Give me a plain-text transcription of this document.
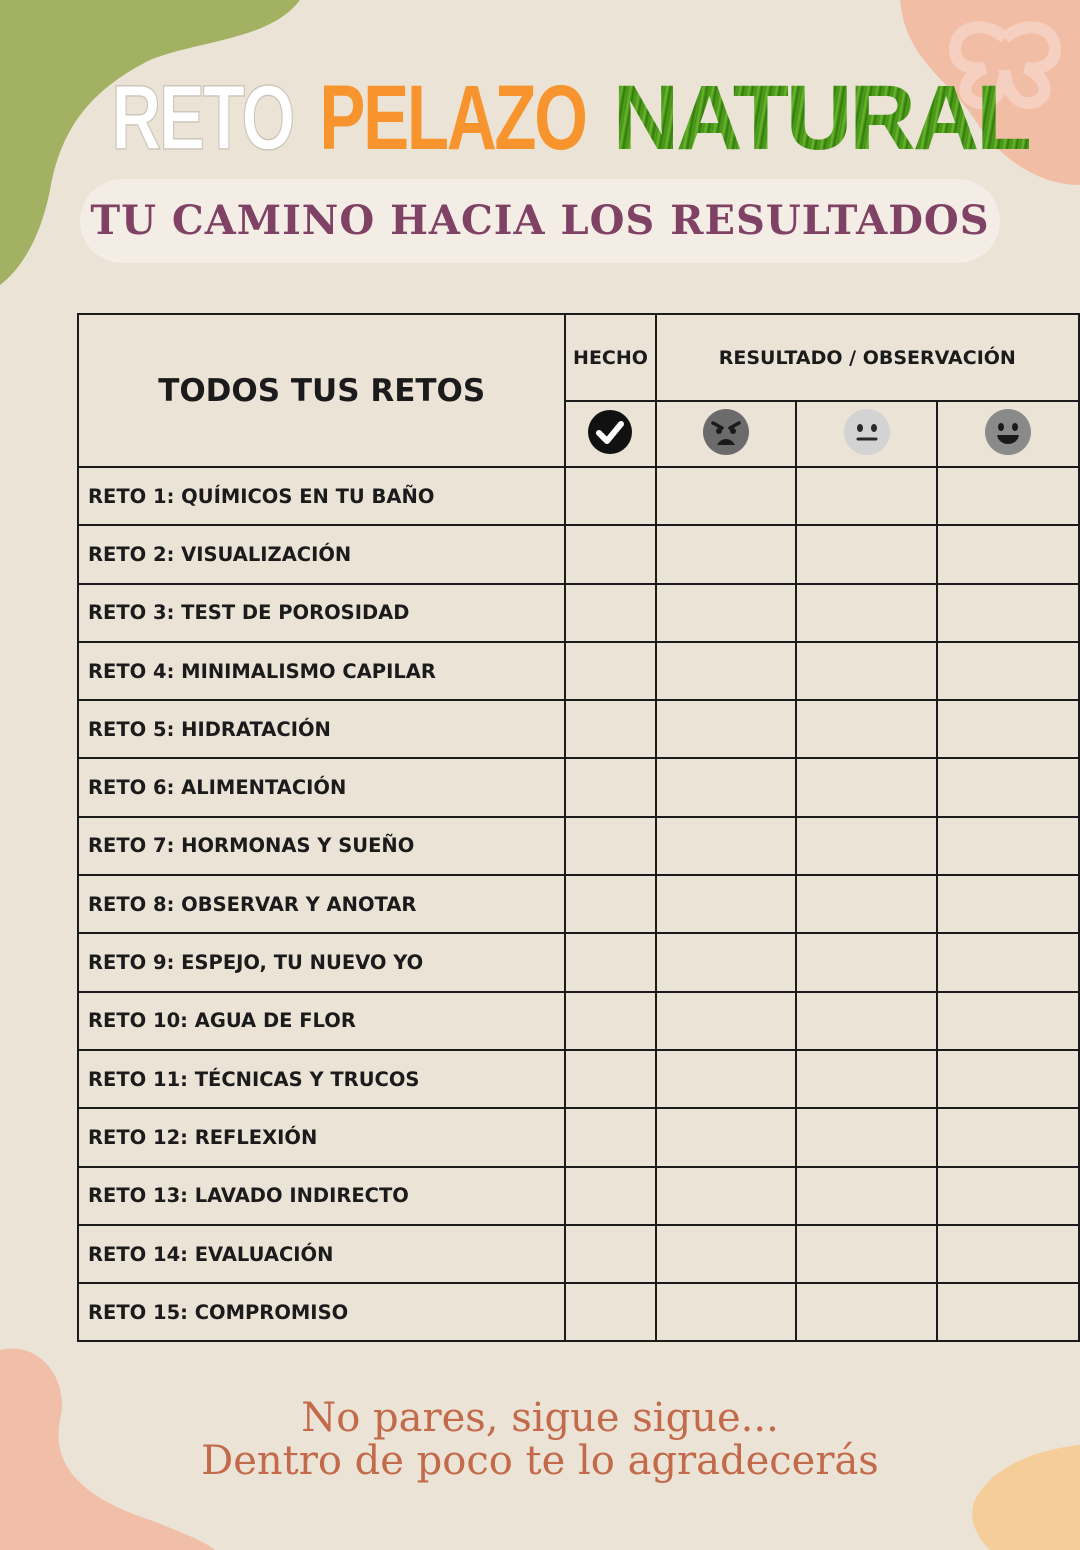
RETO PELAZO NATURAL
TU CAMINO HACIA LOS RESULTADOS
TODOS TUS RETOS	HECHO	RESULTADO / OBSERVACIÓN		

RETO 1: QUÍMICOS EN TU BAÑO				
RETO 2: VISUALIZACIÓN				
RETO 3: TEST DE POROSIDAD				
RETO 4: MINIMALISMO CAPILAR				
RETO 5: HIDRATACIÓN				
RETO 6: ALIMENTACIÓN				
RETO 7: HORMONAS Y SUEÑO				
RETO 8: OBSERVAR Y ANOTAR				
RETO 9: ESPEJO, TU NUEVO YO				
RETO 10: AGUA DE FLOR				
RETO 11: TÉCNICAS Y TRUCOS				
RETO 12: REFLEXIÓN				
RETO 13: LAVADO INDIRECTO				
RETO 14: EVALUACIÓN				
RETO 15: COMPROMISO				
No pares, sigue sigue...
Dentro de poco te lo agradecerás
